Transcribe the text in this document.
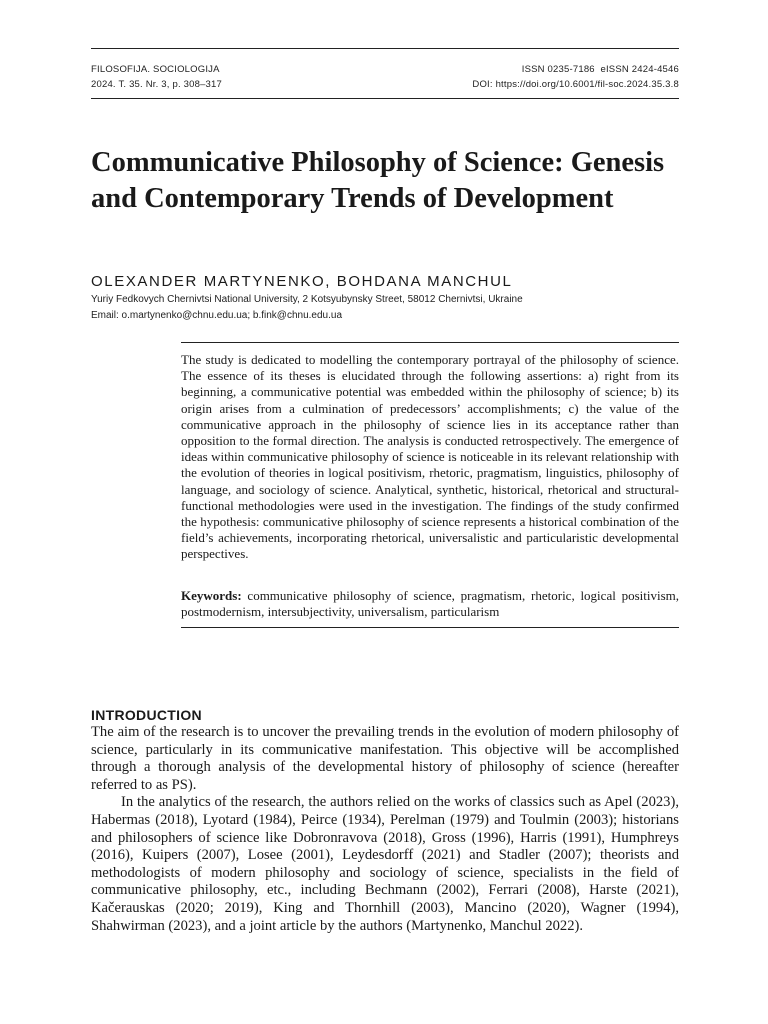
FILOSOFIJA. SOCIOLOGIJA
2024. T. 35. Nr. 3, p. 308–317
ISSN 0235-7186  eISSN 2424-4546
DOI: https://doi.org/10.6001/fil-soc.2024.35.3.8
Communicative Philosophy of Science: Genesis and Contemporary Trends of Development
OLEXANDER MARTYNENKO, BOHDANA MANCHUL
Yuriy Fedkovych Chernivtsi National University, 2 Kotsyubynsky Street, 58012 Chernivtsi, Ukraine
Email: o.martynenko@chnu.edu.ua; b.fink@chnu.edu.ua
The study is dedicated to modelling the contemporary portrayal of the philosophy of science. The essence of its theses is elucidated through the following assertions: a) right from its beginning, a communicative potential was embedded within the philosophy of science; b) its origin arises from a culmination of predecessors’ accomplishments; c) the value of the communicative approach in the philosophy of science lies in its acceptance rather than opposition to the formal direction. The analysis is conducted retrospectively. The emergence of ideas within communicative philosophy of science is noticeable in its relevant relationship with the evolution of theories in logical positivism, rhetoric, pragmatism, linguistics, philosophy of language, and sociology of science. Analytical, synthetic, historical, rhetorical and structural-functional methodologies were used in the investigation. The findings of the study confirmed the hypothesis: communicative philosophy of science represents a historical combination of the field’s achievements, incorporating rhetorical, universalistic and particularistic developmental perspectives.
Keywords: communicative philosophy of science, pragmatism, rhetoric, logical positivism, postmodernism, intersubjectivity, universalism, particularism
INTRODUCTION

The aim of the research is to uncover the prevailing trends in the evolution of modern philosophy of science, particularly in its communicative manifestation. This objective will be accomplished through a thorough analysis of the developmental history of philosophy of science (hereafter referred to as PS).

In the analytics of the research, the authors relied on the works of classics such as Apel (2023), Habermas (2018), Lyotard (1984), Peirce (1934), Perelman (1979) and Toulmin (2003); historians and philosophers of science like Dobronravova (2018), Gross (1996), Harris (1991), Humphreys (2016), Kuipers (2007), Losee (2001), Leydesdorff (2021) and Stadler (2007); theorists and methodologists of modern philosophy and sociology of science, specialists in the field of communicative philosophy, etc., including Bechmann (2002), Ferrari (2008), Harste (2021), Kačerauskas (2020; 2019), King and Thornhill (2003), Mancino (2020), Wagner (1994), Shahwirman (2023), and a joint article by the authors (Martynenko, Manchul 2022).
